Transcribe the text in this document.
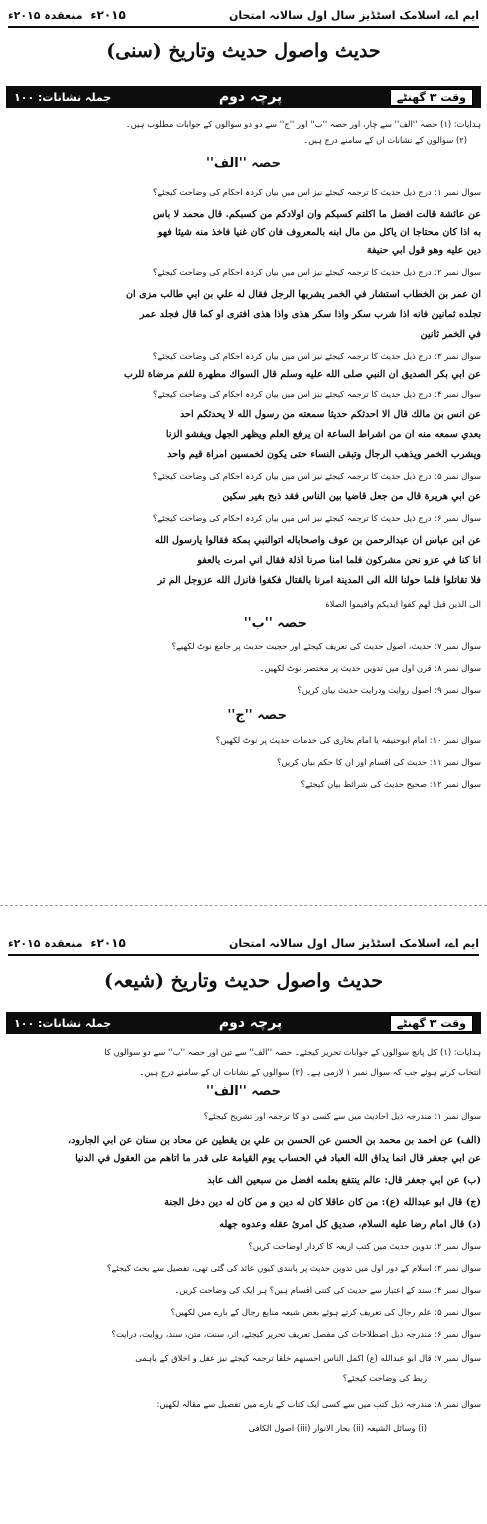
ایم اے، اسلامک اسٹڈیز سال اول سالانہ امتحان
۲۰۱۵ء منعقدہ ۲۰۱۵ء
حدیث واصول حدیث وتاریخ (سنی)
وقت ۳ گھنٹے
پرچہ دوم
جملہ نشانات: ۱۰۰
ہدایات: (۱) حصہ ''الف'' سے چار، اور حصہ ''ب'' اور ''ج'' سے دو دو سوالوں کے جوابات مطلوب ہیں۔
(۲) سوالوں کے نشانات ان کے سامنے درج ہیں۔
حصہ ''الف''
سوال نمبر ۱: درج ذیل حدیث کا ترجمہ کیجئے نیز اس میں بیان کردہ احکام کی وضاحت کیجئے؟
عن عائشة قالت افضل ما اكلتم كسبكم وان اولادكم من كسبكم. قال محمد لا باس
به اذا كان محتاجا ان ياكل من مال ابنه بالمعروف فان كان غنيا فاخذ منه شيئا فهو
دين عليه وهو قول ابي حنيفة
سوال نمبر ۲: درج ذیل حدیث کا ترجمہ کیجئے نیز اس میں بیان کردہ احکام کی وضاحت کیجئے؟
ان عمر بن الخطاب استشار في الخمر يشربها الرجل فقال له علي بن ابي طالب مزی ان
تجلده ثمانين فانه اذا شرب سكر واذا سكر هذى واذا هذى افترى او كما قال فجلد عمر
في الخمر ثانين
سوال نمبر ۳: درج ذیل حدیث کا ترجمہ کیجئے نیز اس میں بیان کردہ احکام کی وضاحت کیجئے؟
عن ابي بكر الصديق ان النبي صلى الله عليه وسلم قال السواك مطهرة للفم مرضاة للرب
سوال نمبر ۴: درج ذیل حدیث کا ترجمہ کیجئے نیز اس میں بیان کردہ احکام کی وضاحت کیجئے؟
عن انس بن مالك قال الا احدثكم حديثا سمعته من رسول الله لا يحدثكم احد
بعدي سمعه منه ان من اشراط الساعة ان يرفع العلم ويظهر الجهل ويفشو الزنا
ويشرب الخمر ويذهب الرجال وتبقى النساء حتى يكون لخمسين امراة قيم واحد
سوال نمبر ۵: درج ذیل حدیث کا ترجمہ کیجئے نیز اس میں بیان کردہ احکام کی وضاحت کیجئے؟
عن ابي هريرة قال من جعل قاضيا بين الناس فقد ذبح بغير سكين
سوال نمبر ۶: درج ذیل حدیث کا ترجمہ کیجئے نیز اس میں بیان کردہ احکام کی وضاحت کیجئے؟
عن ابن عباس ان عبدالرحمن بن عوف واصحاباله اتوالنبي بمكة فقالوا يارسول الله
انا كنا في عزو نحن مشركون فلما امنا صرنا اذلة فقال اني امرت بالعفو
فلا تقاتلوا فلما حولنا الله الى المدينة امرنا بالقتال فكفوا فانزل الله عزوجل الم تر
الى الذين قيل لهم كفوا ايديكم واقيموا الصلاة
حصہ ''ب''
سوال نمبر ۷: حدیث، اصول حدیث کی تعریف کیجئے اور حجیت حدیث پر جامع نوٹ لکھیے؟
سوال نمبر ۸: قرن اول میں تدوین حدیث پر مختصر نوٹ لکھیں۔
سوال نمبر ۹: اصول روایت ودرایت حدیث بیان کریں؟
حصہ ''ج''
سوال نمبر ۱۰: امام ابوحنیفہ یا امام بخاری کی خدمات حدیث پر نوٹ لکھیں؟
سوال نمبر ۱۱: حدیث کی اقسام اور ان کا حکم بیان کریں؟
سوال نمبر ۱۲: صحیح حدیث کی شرائط بیان کیجئے؟
ایم اے، اسلامک اسٹڈیز سال اول سالانہ امتحان
۲۰۱۵ء منعقدہ ۲۰۱۵ء
حدیث واصول حدیث وتاریخ (شیعہ)
وقت ۳ گھنٹے
پرچہ دوم
جملہ نشانات: ۱۰۰
ہدایات: (۱) کل پانچ سوالوں کے جوابات تحریر کیجئے۔ حصہ ''الف'' سے تین اور حصہ ''ب'' سے دو سوالوں کا
انتخاب کرتے ہوئے جب کہ سوال نمبر ۱ لازمی ہے۔ (۲) سوالوں کے نشانات ان کے سامنے درج ہیں۔
حصہ ''الف''
سوال نمبر ۱: مندرجہ ذیل احادیث میں سے کسی دو کا ترجمہ اور تشریح کیجئے؟
(الف) عن احمد بن محمد بن الحسن عن الحسن بن علي بن يقطين عن محاد بن سنان عن ابي الجارود،
عن ابي جعفر قال انما يداق الله العباد في الحساب يوم القيامة على قدر ما اتاهم من العقول في الدنيا
(ب) عن ابي جعفر قال: عالم ينتفع بعلمه افضل من سبعين الف عابد
(ج) قال ابو عبدالله (ع): من كان عاقلا كان له دين و من كان له دين دخل الجنة
(د) قال امام رضا عليه السلام، صديق كل امرئ عقله وعدوه جهله
سوال نمبر ۲: تدوین حدیث میں کتب اربعہ کا کردار اوضاحت کریں؟
سوال نمبر ۳: اسلام کے دور اول میں تدوین حدیث پر پابندی کیوں عائد کی گئی تھی، تفصیل سے بحث کیجئے؟
سوال نمبر ۴: سند کے اعتبار سے حدیث کی کتنی اقسام ہیں؟ ہر ایک کی وضاحت کریں۔
سوال نمبر ۵: علم رجال کی تعریف کرتے ہوئے بعض شیعہ منابع رجال کے بارے میں لکھیں؟
سوال نمبر ۶: مندرجہ ذیل اصطلاحات کی مفصل تعریف تحریر کیجئے، اثر، سنت، متن، سند، روایت، درایت؟
سوال نمبر ۷: قال ابو عبدالله (ع) اكمل الناس احسنهم خلقا ترجمہ کیجئے نیز عقل و اخلاق کے باہمی
ربط کی وضاحت کیجئے؟
سوال نمبر ۸: مندرجہ ذیل کتب میں سے کسی ایک کتاب کے بارے میں تفصیل سے مقالہ لکھیں:
(i) وسائل الشیعہ (ii) بحار الانوار (iii) اصول الکافی
